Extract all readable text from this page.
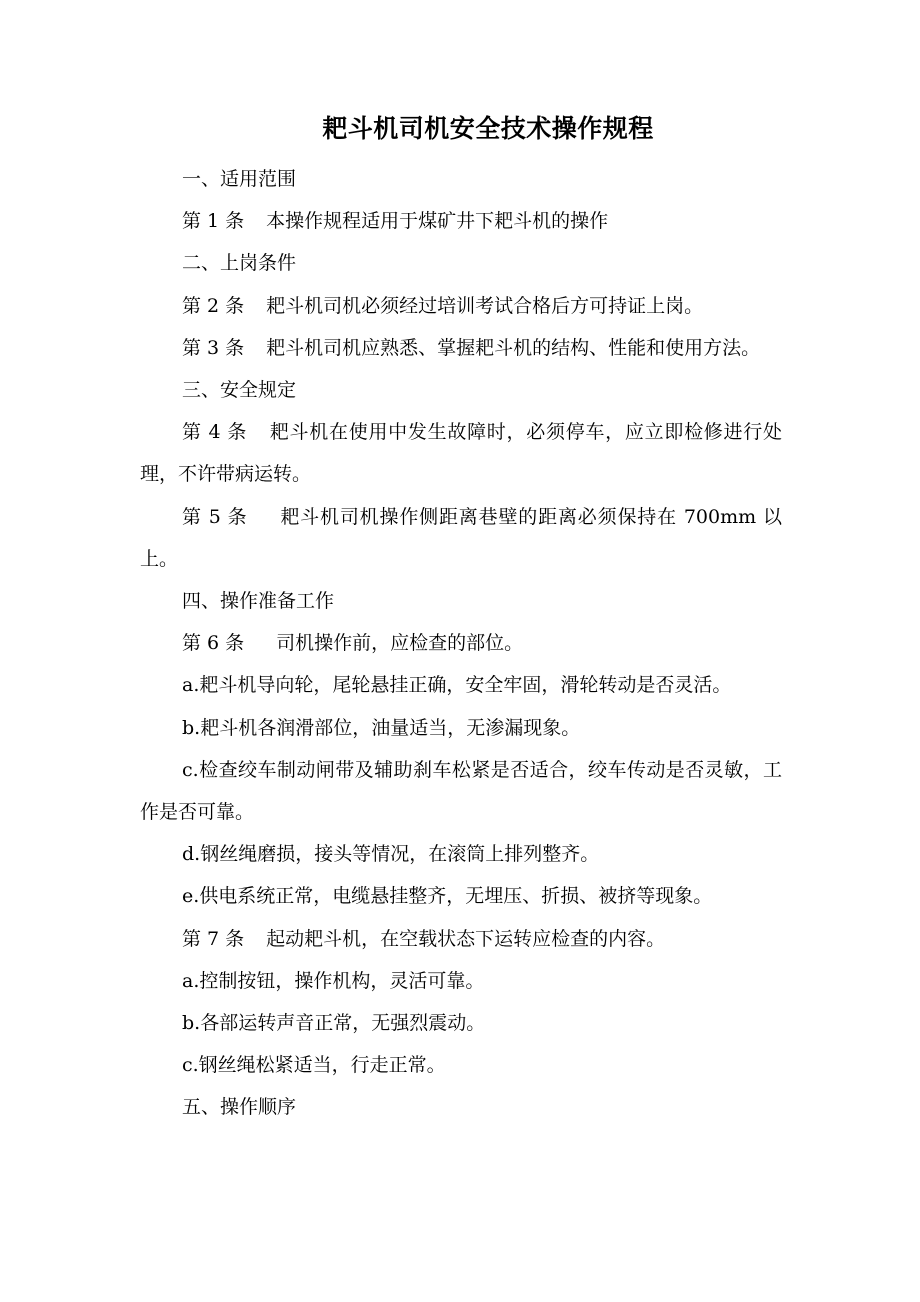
耙斗机司机安全技术操作规程

一、适用范围

第 1 条 本操作规程适用于煤矿井下耙斗机的操作

二、上岗条件

第 2 条 耙斗机司机必须经过培训考试合格后方可持证上岗。

第 3 条 耙斗机司机应熟悉、掌握耙斗机的结构、性能和使用方法。

三、安全规定

第 4 条 耙斗机在使用中发生故障时，必须停车，应立即检修进行处理，不许带病运转。

第 5 条 耙斗机司机操作侧距离巷壁的距离必须保持在 700mm 以上。

四、操作准备工作

第 6 条 司机操作前，应检查的部位。

a.耙斗机导向轮，尾轮悬挂正确，安全牢固，滑轮转动是否灵活。

b.耙斗机各润滑部位，油量适当，无渗漏现象。

c.检查绞车制动闸带及辅助刹车松紧是否适合，绞车传动是否灵敏，工作是否可靠。

d.钢丝绳磨损，接头等情况，在滚筒上排列整齐。

e.供电系统正常，电缆悬挂整齐，无埋压、折损、被挤等现象。

第 7 条 起动耙斗机，在空载状态下运转应检查的内容。

a.控制按钮，操作机构，灵活可靠。

b.各部运转声音正常，无强烈震动。

c.钢丝绳松紧适当，行走正常。

五、操作顺序
